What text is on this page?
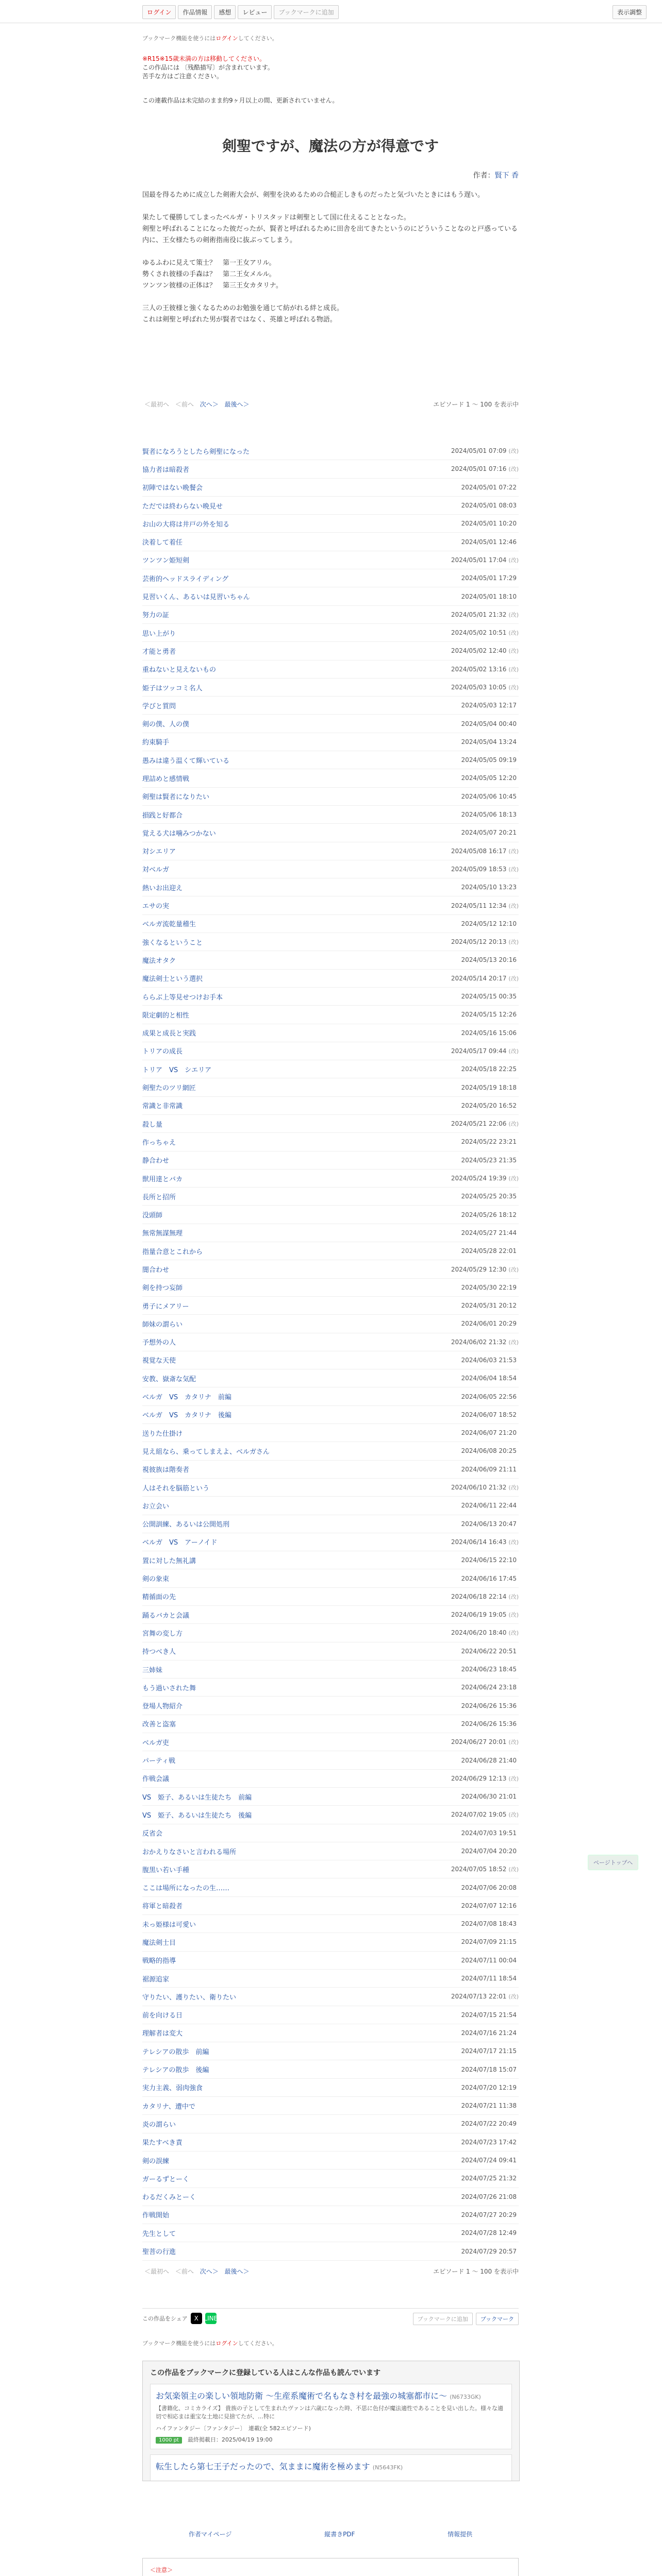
ログイン	作品情報	感想	レビュー	ブックマークに追加	表示調整
ブックマーク機能を使うにはログインしてください。
※R15※15歳未満の方は移動してください。
この作品には 〔残酷描写〕が含まれています。
苦手な方はご注意ください。
この連載作品は未完結のまま約9ヶ月以上の間、更新されていません。
剣聖ですが、魔法の方が得意です
作者：賢下 香

国最を得るために成立した剣術大会が、剣聖を決めるための合槌正しきものだったと気づいたときにはもう遅い。

果たして優勝してしまったベルガ・トリスタッドは剣聖として国に仕えることとなった。
剣聖と呼ばれることになった彼だったが、賢者と呼ばれるために田舎を出てきたというのにどういうことなのと戸惑っている内に、王女様たちの剣術指南役に抜ぶってしまう。

ゆるふわに見えて策士？　第一王女アリル。
勢くされ彼様の手森は？　第二王女メルル。
ツンツン彼様の正体は？　第三王女カタリナ。

三人の王彼様と強くなるためのお勉強を通じて紡がれる絆と成長。
これは剣聖と呼ばれた男が賢者ではなく、英雄と呼ばれる物語。

＜最初へ ＜前へ 次へ＞ 最後へ＞	エピソード 1 ～ 100 を表示中
賢者になろうとしたら剣聖になった	2024/05/01 07:09 (改)
協力者は暗殺者	2024/05/01 07:16 (改)
初陣ではない晩餐会	2024/05/01 07:22
ただでは終わらない晩見せ	2024/05/01 08:03
お山の大将は井戸の外を知る	2024/05/01 10:20
決着して着任	2024/05/01 12:46
ツンツン姫短剣	2024/05/01 17:04 (改)
芸術的ヘッドスライディング	2024/05/01 17:29
見習いくん、あるいは見習いちゃん	2024/05/01 18:10
努力の証	2024/05/01 21:32 (改)
思い上がり	2024/05/02 10:51 (改)
才能と勇者	2024/05/02 12:40 (改)
重ねないと見えないもの	2024/05/02 13:16 (改)
姫子はツッコミ名人	2024/05/03 10:05 (改)
学びと質問	2024/05/03 12:17
剣の僕、人の僕	2024/05/04 00:40
約束騎手	2024/05/04 13:24
愚みは違う温くて輝いている	2024/05/05 09:19
理詰めと感情戦	2024/05/05 12:20
剣聖は賢者になりたい	2024/05/06 10:45
損践と好都合	2024/05/06 18:13
覚える犬は噛みつかない	2024/05/07 20:21
対シエリア	2024/05/08 16:17 (改)
対ベルガ	2024/05/09 18:53 (改)
熱いお出迎え	2024/05/10 13:23
エサの実	2024/05/11 12:34 (改)
ベルガ流乾量稽生	2024/05/12 12:10
強くなるということ	2024/05/12 20:13 (改)
魔法オタク	2024/05/13 20:16
魔法剣士という選択	2024/05/14 20:17 (改)
ららぶ上等見せつけお手本	2024/05/15 00:35
限定劇的と相性	2024/05/15 12:26
成果と成長と実践	2024/05/16 15:06
トリアの成長	2024/05/17 09:44 (改)
トリア　VS　シエリア	2024/05/18 22:25
剣聖たのツリ網匠	2024/05/19 18:18
常識と非常識	2024/05/20 16:52
殺し量	2024/05/21 22:06 (改)
作っちゃえ	2024/05/22 23:21
静合わせ	2024/05/23 21:35
獣用達とバカ	2024/05/24 19:39 (改)
長所と招所	2024/05/25 20:35
没頭師	2024/05/26 18:12
無常無謀無理	2024/05/27 21:44
指量合意とこれから	2024/05/28 22:01
闇合わせ	2024/05/29 12:30 (改)
剣を持つ妄師	2024/05/30 22:19
勇子にメアリー	2024/05/31 20:12
師妹の謂らい	2024/06/01 20:29
予想外の人	2024/06/02 21:32 (改)
視覚な天使	2024/06/03 21:53
安教、嶽斎な気配	2024/06/04 18:54
ベルガ　VS　カタリナ　前編	2024/06/05 22:56
ベルガ　VS　カタリナ　後編	2024/06/07 18:52
送りた仕掛け	2024/06/07 21:20
見え組なら、乗ってしまえよ、ベルガさん	2024/06/08 20:25
視彼族は階奏者	2024/06/09 21:11
人はそれを脳筋という	2024/06/10 21:32 (改)
お立会い	2024/06/11 22:44
公開訓練、あるいは公開処刑	2024/06/13 20:47
ベルガ　VS　アーノイド	2024/06/14 16:43 (改)
置に対した無礼講	2024/06/15 22:10
剣の象束	2024/06/16 17:45
精循面の先	2024/06/18 22:14 (改)
踊るバカと会議	2024/06/19 19:05 (改)
宮舞の変し方	2024/06/20 18:40 (改)
持つべき人	2024/06/22 20:51
三姉妹	2024/06/23 18:45
もう過いされた舞	2024/06/24 23:18
登場人物紹介	2024/06/26 15:36
改善と盗塞	2024/06/26 15:36
ベルガ吏	2024/06/27 20:01 (改)
パーティ戦	2024/06/28 21:40
作戦会議	2024/06/29 12:13 (改)
VS　姫子、あるいは生徒たち　前編	2024/06/30 21:01
VS　姫子、あるいは生徒たち　後編	2024/07/02 19:05 (改)
反省会	2024/07/03 19:51
おかえりなさいと言われる場所	2024/07/04 20:20
腹黒い若い手種	2024/07/05 18:52 (改)
ここは場所になったの生……	2024/07/06 20:08
将軍と暗殺者	2024/07/07 12:16
未っ姫様は可愛い	2024/07/08 18:43
魔法剣士目	2024/07/09 21:15
戦略的指導	2024/07/11 00:04
裾源追家	2024/07/11 18:54
守りたい、護りたい、衛りたい	2024/07/13 22:01 (改)
前を向ける日	2024/07/15 21:54
理解者は変大	2024/07/16 21:24
テレシアの散歩　前編	2024/07/17 21:15
テレシアの散歩　後編	2024/07/18 15:07
実力主義、弱肉強食	2024/07/20 12:19
カタリナ、遭中で	2024/07/21 11:38
炎の謂らい	2024/07/22 20:49
果たすべき責	2024/07/23 17:42
剣の誤練	2024/07/24 09:41
ガーるずとーく	2024/07/25 21:32
わるだくみとーく	2024/07/26 21:08
作戦開始	2024/07/27 20:29
先生として	2024/07/28 12:49
聖菩の行進	2024/07/29 20:57
＜最初へ ＜前へ 次へ＞ 最後へ＞	エピソード 1 ～ 100 を表示中
この作品をシェア	X LINE	ブックマークに追加	ブックマーク
ブックマーク機能を使うにはログインしてください。
この作品をブックマークに登録している人はこんな作品も読んでいます
お気楽領主の楽しい領地防衛 ～生産系魔術で名もなき村を最強の城塞都市に～ (N6733GK)
【書籍化、コミカライズ】 貴族の子として生まれたヴァンは六歳になった時、不思に色付が魔法適性であることを見い出した。様々な適切で相応まは重宝な土地に見捨てたが、…特に
ハイファンタジー〔ファンタジー〕　 連載(全 582エピソード)
1000 pt　 最終掲載日：2025/04/19 19:00
転生したら第七王子だったので、気ままに魔術を極めます (N5643FK)
作者マイページ	縦書きPDF	情報提供
＜注意＞
ページトップへ
